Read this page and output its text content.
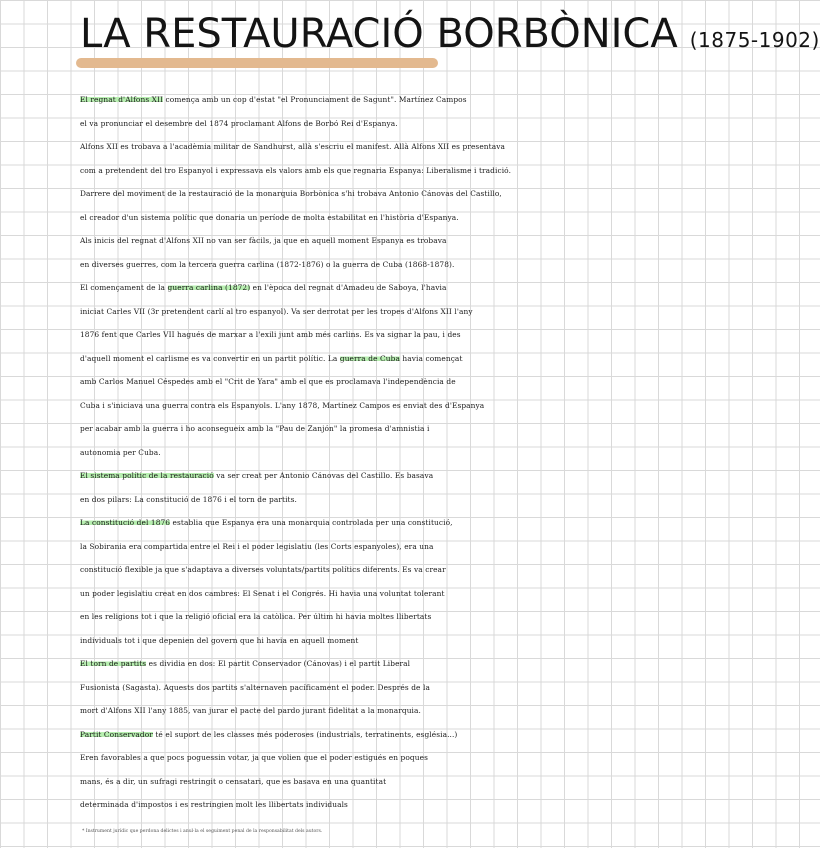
LA RESTAURACIÓ BORBÒNICA (1875-1902)
El regnat d'Alfons XII comença amb un cop d'estat "el Pronunciament de Sagunt". Martínez Campos
el va pronunciar el desembre del 1874 proclamant Alfons de Borbó Rei d'Espanya.
Alfons XII es trobava a l'acadèmia militar de Sandhurst, allà s'escriu el manifest. Allà Alfons XII es presentava
com a pretendent del tro Espanyol i expressava els valors amb els que regnaria Espanya: Liberalisme i tradició.
Darrere del moviment de la restauració de la monarquia Borbònica s'hi trobava Antonio Cánovas del Castillo,
el creador d'un sistema polític que donaria un període de molta estabilitat en l'història d'Espanya.
Als inicis del regnat d'Alfons XII no van ser fàcils, ja que en aquell moment Espanya es trobava
en diverses guerres, com la tercera guerra carlina (1872-1876) o la guerra de Cuba (1868-1878).
El començament de la guerra carlina (1872) en l'època del regnat d'Amadeu de Saboya, l'havia
iniciat Carles VII (3r pretendent carlí al tro espanyol). Va ser derrotat per les tropes d'Alfons XII l'any
1876 fent que Carles VII hagués de marxar a l'exili junt amb més carlins. Es va signar la pau, i des
d'aquell moment el carlisme es va convertir en un partit polític. La guerra de Cuba havia començat
amb Carlos Manuel Céspedes amb el "Crit de Yara" amb el que es proclamava l'independència de
Cuba i s'iniciava una guerra contra els Espanyols. L'any 1878, Martínez Campos es enviat des d'Espanya
per acabar amb la guerra i ho aconsegueix amb la "Pau de Zanjón" la promesa d'amnistia i
autonomia per Cuba.
El sistema polític de la restauració va ser creat per Antonio Cánovas del Castillo. Es basava
en dos pilars: La constitució de 1876 i el torn de partits.
La constitució del 1876 establia que Espanya era una monarquia controlada per una constitució,
la Sobirania era compartida entre el Rei i el poder legislatiu (les Corts espanyoles), era una
constitució flexible ja que s'adaptava a diverses voluntats/partits polítics diferents. Es va crear
un poder legislatiu creat en dos cambres: El Senat i el Congrés. Hi havia una voluntat tolerant
en les religions tot i que la religió oficial era la catòlica. Per últim hi havia moltes llibertats
individuals tot i que depenien del govern que hi havia en aquell moment
El torn de partits es dividia en dos: El partit Conservador (Cánovas) i el partit Liberal
Fusionista (Sagasta). Aquests dos partits s'alternaven pacíficament el poder. Després de la
mort d'Alfons XII l'any 1885, van jurar el pacte del pardo jurant fidelitat a la monarquia.
Partit Conservador té el suport de les classes més poderoses (industrials, terratinents, església...)
Eren favorables a que pocs poguessin votar, ja que volien que el poder estigués en poques
mans, és a dir, un sufragi restringit o censatari, que es basava en una quantitat
determinada d'impostos i es restringien molt les llibertats individuals
* Instrument jurídic que perdona delictes i anul·la el seguiment penal de la responsabilitat dels autors.
